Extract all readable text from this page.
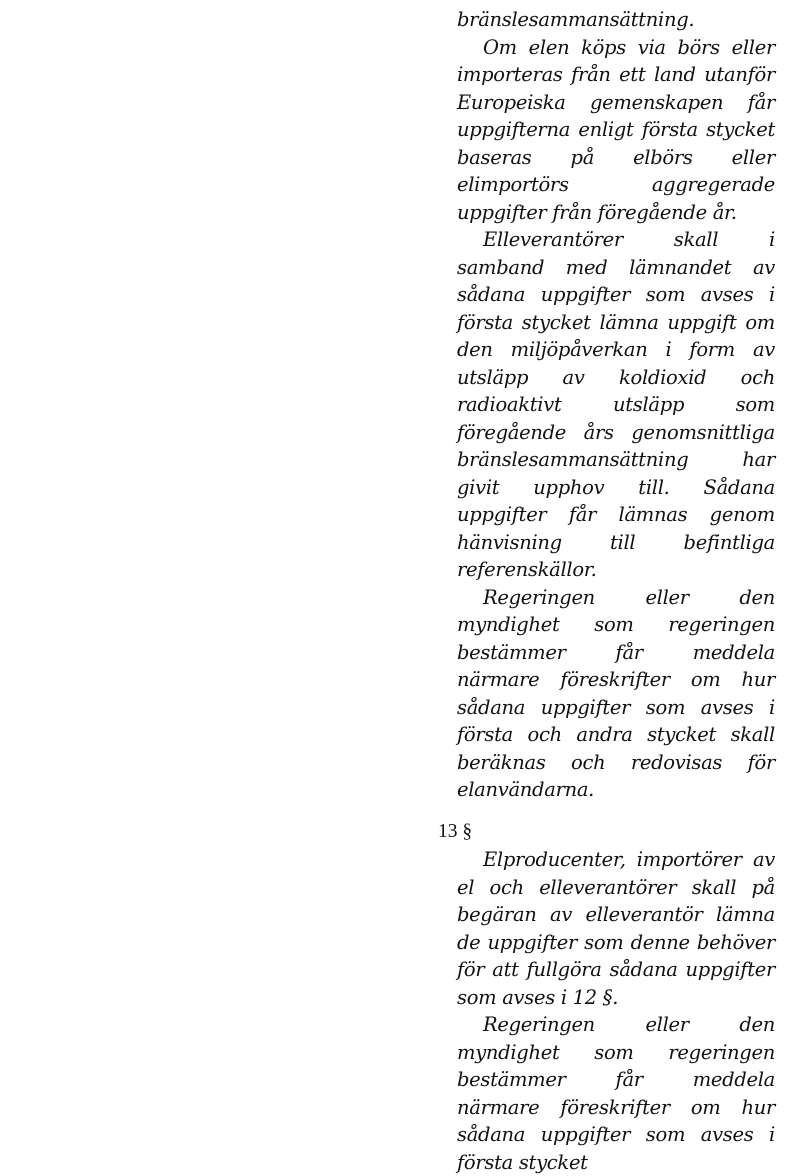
bränslesammansättning.

Om elen köps via börs eller importeras från ett land utanför Europeiska gemenskapen får uppgifterna enligt första stycket baseras på elbörs eller elimportörs aggregerade uppgifter från föregående år.

Elleverantörer skall i samband med lämnandet av sådana uppgifter som avses i första stycket lämna uppgift om den miljöpåverkan i form av utsläpp av koldioxid och radioaktivt utsläpp som föregående års genomsnittliga bränslesammansättning har givit upphov till. Sådana uppgifter får lämnas genom hänvisning till befintliga referenskällor.

Regeringen eller den myndighet som regeringen bestämmer får meddela närmare föreskrifter om hur sådana uppgifter som avses i första och andra stycket skall beräknas och redovisas för elanvändarna.

13 §

Elproducenter, importörer av el och elleverantörer skall på begäran av elleverantör lämna de uppgifter som denne behöver för att fullgöra sådana uppgifter som avses i 12 §.

Regeringen eller den myndighet som regeringen bestämmer får meddela närmare föreskrifter om hur sådana uppgifter som avses i första stycket
